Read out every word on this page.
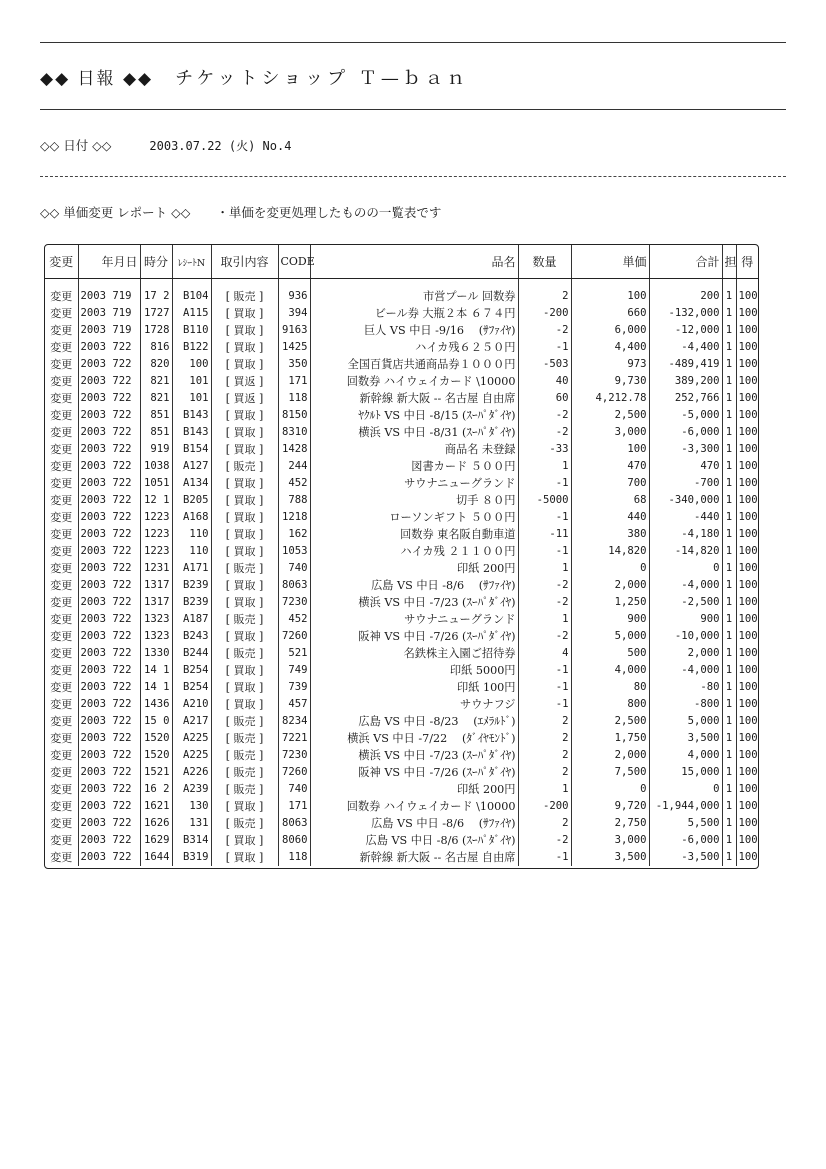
◆◆ 日報 ◆◆ チケットショップ Ｔ—ｂａｎ
◇◇ 日付 ◇◇	2003.07.22 (火) No.4
◇◇ 単価変更 レポート ◇◇ ・単価を変更処理したものの一覧表です
変更	年月日	時分	ﾚｼｰﾄN	取引内容	CODE	品名	数量	単価	合計	担	得
変更	2003 719	17 2	B104	[ 販売 ]	936	市営プール 回数券	2	100	200	1	100
変更	2003 719	1727	A115	[ 買取 ]	394	ビール券 大瓶２本 ６７４円	-200	660	-132,000	1	100
変更	2003 719	1728	B110	[ 買取 ]	9163	巨人 VS 中日 -9/16　 (ｻﾌｧｲﾔ)	-2	6,000	-12,000	1	100
変更	2003 722	816	B122	[ 買取 ]	1425	ハイカ残６２５０円	-1	4,400	-4,400	1	100
変更	2003 722	820	100	[ 買取 ]	350	全国百貨店共通商品券１０００円	-503	973	-489,419	1	100
変更	2003 722	821	101	[ 買返 ]	171	回数券 ハイウェイカード \10000	40	9,730	389,200	1	100
変更	2003 722	821	101	[ 買返 ]	118	新幹線 新大阪 -- 名古屋 自由席	60	4,212.78	252,766	1	100
変更	2003 722	851	B143	[ 買取 ]	8150	ﾔｸﾙﾄ VS 中日 -8/15 (ｽｰﾊﾟﾀﾞｲﾔ)	-2	2,500	-5,000	1	100
変更	2003 722	851	B143	[ 買取 ]	8310	横浜 VS 中日 -8/31 (ｽｰﾊﾟﾀﾞｲﾔ)	-2	3,000	-6,000	1	100
変更	2003 722	919	B154	[ 買取 ]	1428	商品名 未登録	-33	100	-3,300	1	100
変更	2003 722	1038	A127	[ 販売 ]	244	図書カード ５００円	1	470	470	1	100
変更	2003 722	1051	A134	[ 買取 ]	452	サウナニューグランド	-1	700	-700	1	100
変更	2003 722	12 1	B205	[ 買取 ]	788	切手 ８０円	-5000	68	-340,000	1	100
変更	2003 722	1223	A168	[ 買取 ]	1218	ローソンギフト ５００円	-1	440	-440	1	100
変更	2003 722	1223	110	[ 買取 ]	162	回数券 東名阪自動車道	-11	380	-4,180	1	100
変更	2003 722	1223	110	[ 買取 ]	1053	ハイカ残 ２１１００円	-1	14,820	-14,820	1	100
変更	2003 722	1231	A171	[ 販売 ]	740	印紙 200円	1	0	0	1	100
変更	2003 722	1317	B239	[ 買取 ]	8063	広島 VS 中日 -8/6　 (ｻﾌｧｲﾔ)	-2	2,000	-4,000	1	100
変更	2003 722	1317	B239	[ 買取 ]	7230	横浜 VS 中日 -7/23 (ｽｰﾊﾟﾀﾞｲﾔ)	-2	1,250	-2,500	1	100
変更	2003 722	1323	A187	[ 販売 ]	452	サウナニューグランド	1	900	900	1	100
変更	2003 722	1323	B243	[ 買取 ]	7260	阪神 VS 中日 -7/26 (ｽｰﾊﾟﾀﾞｲﾔ)	-2	5,000	-10,000	1	100
変更	2003 722	1330	B244	[ 販売 ]	521	名鉄株主入園ご招待券	4	500	2,000	1	100
変更	2003 722	14 1	B254	[ 買取 ]	749	印紙 5000円	-1	4,000	-4,000	1	100
変更	2003 722	14 1	B254	[ 買取 ]	739	印紙 100円	-1	80	-80	1	100
変更	2003 722	1436	A210	[ 買取 ]	457	サウナフジ	-1	800	-800	1	100
変更	2003 722	15 0	A217	[ 販売 ]	8234	広島 VS 中日 -8/23　 (ｴﾒﾗﾙﾄﾞ)	2	2,500	5,000	1	100
変更	2003 722	1520	A225	[ 販売 ]	7221	横浜 VS 中日 -7/22　 (ﾀﾞｲﾔﾓﾝﾄﾞ)	2	1,750	3,500	1	100
変更	2003 722	1520	A225	[ 販売 ]	7230	横浜 VS 中日 -7/23 (ｽｰﾊﾟﾀﾞｲﾔ)	2	2,000	4,000	1	100
変更	2003 722	1521	A226	[ 販売 ]	7260	阪神 VS 中日 -7/26 (ｽｰﾊﾟﾀﾞｲﾔ)	2	7,500	15,000	1	100
変更	2003 722	16 2	A239	[ 販売 ]	740	印紙 200円	1	0	0	1	100
変更	2003 722	1621	130	[ 買取 ]	171	回数券 ハイウェイカード \10000	-200	9,720	-1,944,000	1	100
変更	2003 722	1626	131	[ 販売 ]	8063	広島 VS 中日 -8/6　 (ｻﾌｧｲﾔ)	2	2,750	5,500	1	100
変更	2003 722	1629	B314	[ 買取 ]	8060	広島 VS 中日 -8/6 (ｽｰﾊﾟﾀﾞｲﾔ)	-2	3,000	-6,000	1	100
変更	2003 722	1644	B319	[ 買取 ]	118	新幹線 新大阪 -- 名古屋 自由席	-1	3,500	-3,500	1	100
